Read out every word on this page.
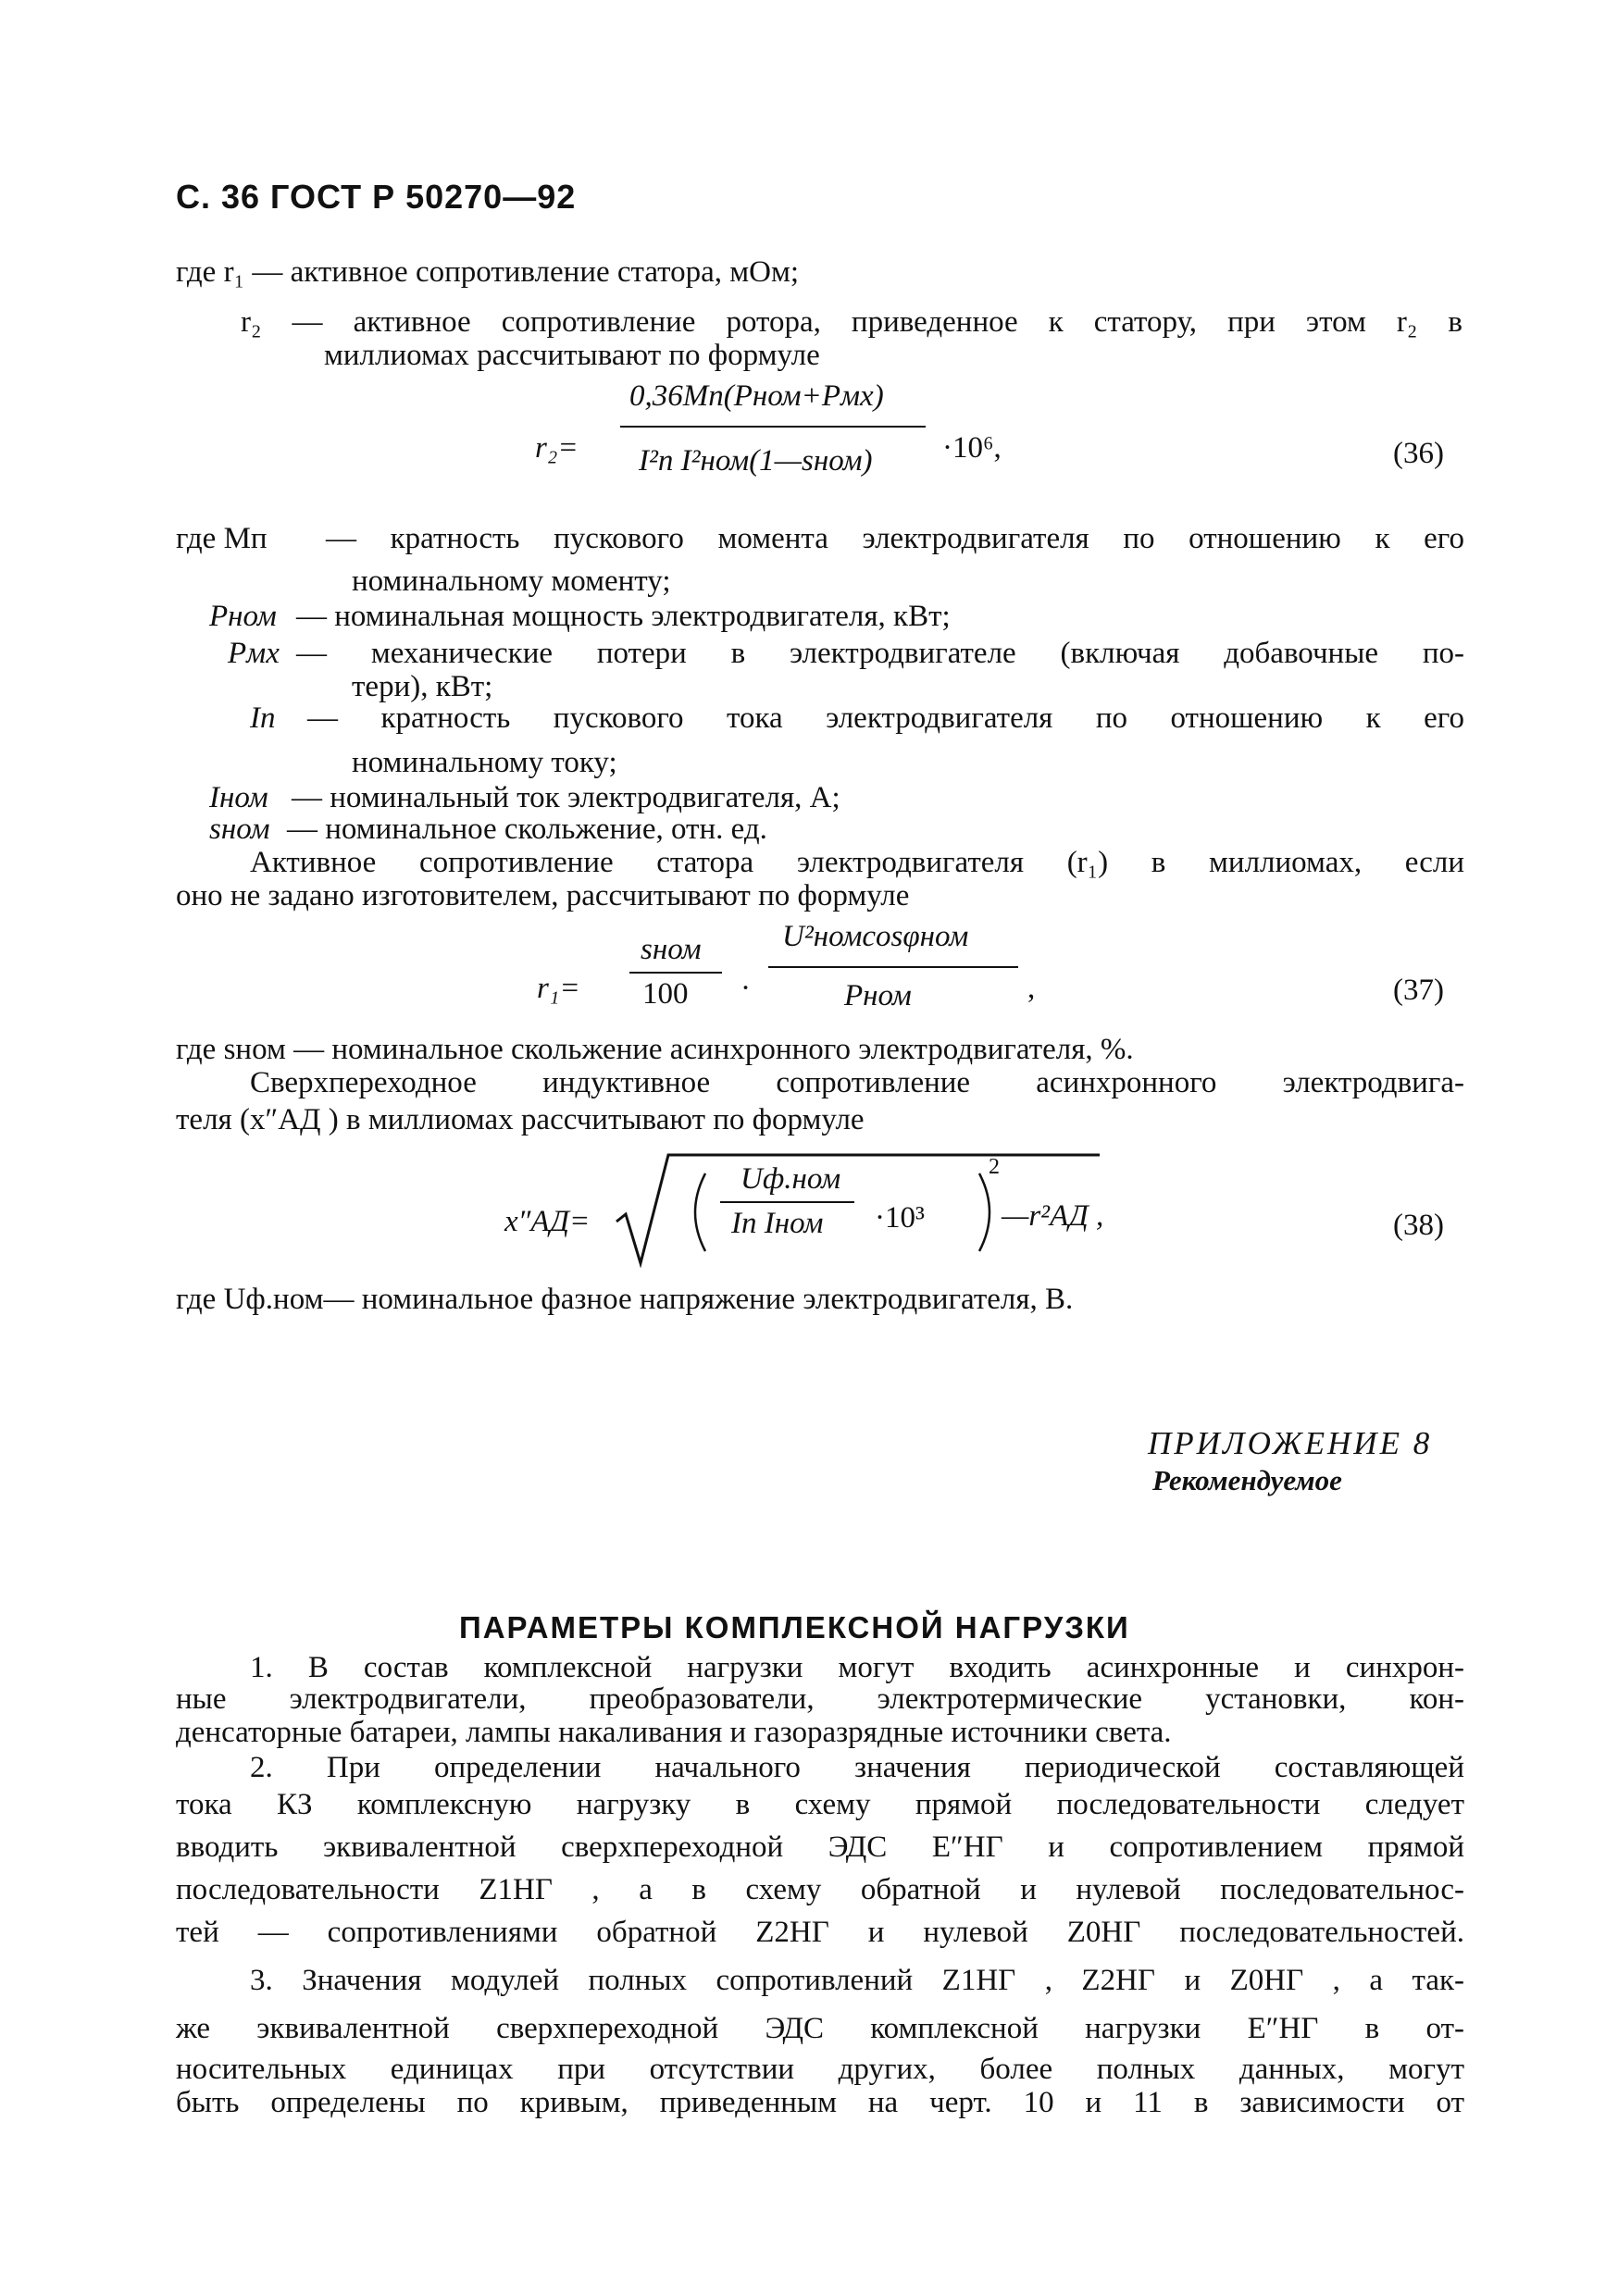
С. 36 ГОСТ Р 50270—92
где r₁ — активное сопротивление статора, мОм;
r₂ — активное сопротивление ротора, приведенное к статору, при этом r₂ в
миллиомах рассчитывают по формуле
r₂=
0,36Mп(Pном+Pмх)
I²п I²ном(1—sном) ·10⁶,	(36)
где Mп — кратность пускового момента электродвигателя по отношению к его
номинальному моменту;
Pном — номинальная мощность электродвигателя, кВт;
Pмх — механические потери в электродвигателе (включая добавочные по-
тери), кВт;
Iп — кратность пускового тока электродвигателя по отношению к его
номинальному току;
Iном — номинальный ток электродвигателя, А;
sном — номинальное скольжение, отн. ед.
Активное сопротивление статора электродвигателя (r₁) в миллиомах, если
оно не задано изготовителем, рассчитывают по формуле
r₁=
sном
100 ·
U²номcosφном
Pном	,	(37)
где sном — номинальное скольжение асинхронного электродвигателя, %.
Сверхпереходное индуктивное сопротивление асинхронного электродвига-
теля (x″АД ) в миллиомах рассчитывают по формуле
x″АД=
Uф.ном
Iп Iном ·10³
2
—r²АД ,	(38)
где Uф.ном— номинальное фазное напряжение электродвигателя, В.
ПРИЛОЖЕНИЕ 8
Рекомендуемое
ПАРАМЕТРЫ КОМПЛЕКСНОЙ НАГРУЗКИ
1. В состав комплексной нагрузки могут входить асинхронные и синхрон-
ные электродвигатели, преобразователи, электротермические установки, кон-
денсаторные батареи, лампы накаливания и газоразрядные источники света.
2. При определении начального значения периодической составляющей
тока КЗ комплексную нагрузку в схему прямой последовательности следует
вводить эквивалентной сверхпереходной ЭДС E″НГ и сопротивлением прямой
последовательности Z1НГ , а в схему обратной и нулевой последовательнос-
тей — сопротивлениями обратной Z2НГ и нулевой Z0НГ последовательностей.
3. Значения модулей полных сопротивлений Z1НГ , Z2НГ и Z0НГ , а так-
же эквивалентной сверхпереходной ЭДС комплексной нагрузки E″НГ в от-
носительных единицах при отсутствии других, более полных данных, могут
быть определены по кривым, приведенным на черт. 10 и 11 в зависимости от
